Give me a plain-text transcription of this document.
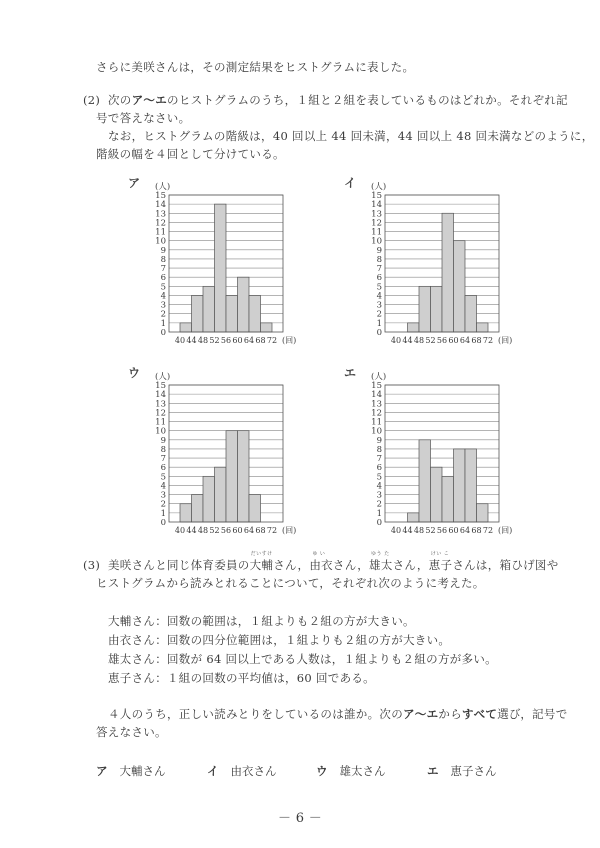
さらに美咲さんは，その測定結果をヒストグラムに表した。
(2) 次のア〜エのヒストグラムのうち，１組と２組を表しているものはどれか。それぞれ記
号で答えなさい。
なお，ヒストグラムの階級は，40 回以上 44 回未満，44 回以上 48 回未満などのように，
階級の幅を４回として分けている。
ア
0
1
2
3
4
5
6
7
8
9
10
11
12
13
14
15
(人)
40 44 48 52 56 60 64 68 72 (回)
イ
0
1
2
3
4
5
6
7
8
9
10
11
12
13
14
15
(人)
40 44 48 52 56 60 64 68 72 (回)
ウ
0
1
2
3
4
5
6
7
8
9
10
11
12
13
14
15
(人)
40 44 48 52 56 60 64 68 72 (回)
エ
0
1
2
3
4
5
6
7
8
9
10
11
12
13
14
15
(人)
40 44 48 52 56 60 64 68 72 (回)
(3) 美咲さんと同じ体育委員の
だいすけ
大輔さん，
ゆ い
由衣さん，
ゆう た
雄太さん，
けい こ
恵子さんは，箱ひげ図や
ヒストグラムから読みとれることについて，それぞれ次のように考えた。
大輔さん：回数の範囲は，１組よりも２組の方が大きい。
由衣さん：回数の四分位範囲は，１組よりも２組の方が大きい。
雄太さん：回数が 64 回以上である人数は，１組よりも２組の方が多い。
恵子さん：１組の回数の平均値は，60 回である。
４人のうち，正しい読みとりをしているのは誰か。次のア〜エからすべて選び，記号で
答えなさい。
ア 大輔さん	イ 由衣さん	ウ 雄太さん	エ 恵子さん
－ 6 －
